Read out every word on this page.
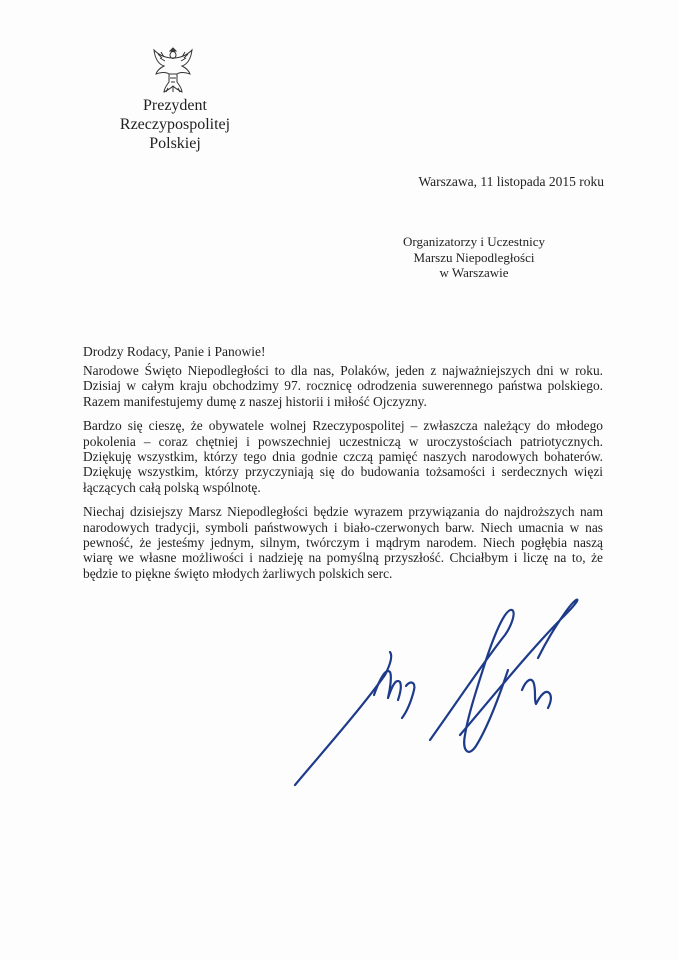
Prezydent
Rzeczypospolitej Polskiej
Warszawa, 11 listopada 2015 roku
Organizatorzy i Uczestnicy
Marszu Niepodległości
w Warszawie
Drodzy Rodacy, Panie i Panowie!

Narodowe Święto Niepodległości to dla nas, Polaków, jeden z najważniejszych dni w roku. Dzisiaj w całym kraju obchodzimy 97. rocznicę odrodzenia suwerennego państwa polskiego. Razem manifestujemy dumę z naszej historii i miłość Ojczyzny.

Bardzo się cieszę, że obywatele wolnej Rzeczypospolitej – zwłaszcza należący do młodego pokolenia – coraz chętniej i powszechniej uczestniczą w uroczystościach patriotycznych. Dziękuję wszystkim, którzy tego dnia godnie czczą pamięć naszych narodowych bohaterów. Dziękuję wszystkim, którzy przyczyniają się do budowania tożsamości i serdecznych więzi łączących całą polską wspólnotę.

Niechaj dzisiejszy Marsz Niepodległości będzie wyrazem przywiązania do najdroższych nam narodowych tradycji, symboli państwowych i biało-czerwonych barw. Niech umacnia w nas pewność, że jesteśmy jednym, silnym, twórczym i mądrym narodem. Niech pogłębia naszą wiarę we własne możliwości i nadzieję na pomyślną przyszłość. Chciałbym i liczę na to, że będzie to piękne święto młodych żarliwych polskich serc.
